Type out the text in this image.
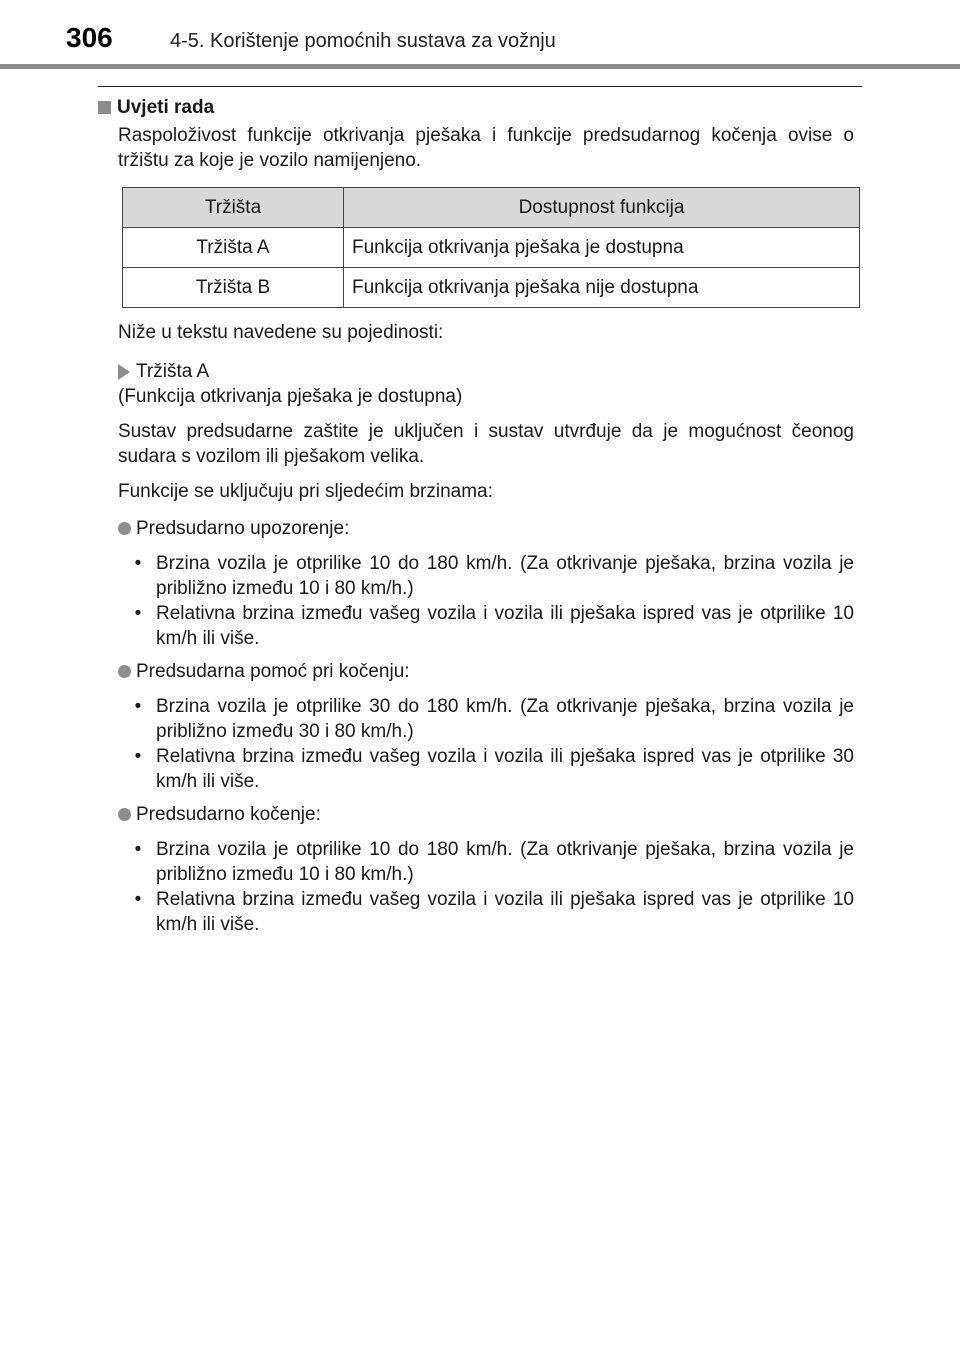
306	4-5. Korištenje pomoćnih sustava za vožnju
Uvjeti rada

Raspoloživost funkcije otkrivanja pješaka i funkcije predsudarnog kočenja ovise o tržištu za koje je vozilo namijenjeno.

Tržišta	Dostupnost funkcija
Tržišta A	Funkcija otkrivanja pješaka je dostupna
Tržišta B	Funkcija otkrivanja pješaka nije dostupna

Niže u tekstu navedene su pojedinosti:

Tržišta A
(Funkcija otkrivanja pješaka je dostupna)

Sustav predsudarne zaštite je uključen i sustav utvrđuje da je mogućnost čeonog sudara s vozilom ili pješakom velika.

Funkcije se uključuju pri sljedećim brzinama:

Predsudarno upozorenje:
• Brzina vozila je otprilike 10 do 180 km/h. (Za otkrivanje pješaka, brzina vozila je približno između 10 i 80 km/h.)
• Relativna brzina između vašeg vozila i vozila ili pješaka ispred vas je otprilike 10 km/h ili više.
Predsudarna pomoć pri kočenju:
• Brzina vozila je otprilike 30 do 180 km/h. (Za otkrivanje pješaka, brzina vozila je približno između 30 i 80 km/h.)
• Relativna brzina između vašeg vozila i vozila ili pješaka ispred vas je otprilike 30 km/h ili više.
Predsudarno kočenje:
• Brzina vozila je otprilike 10 do 180 km/h. (Za otkrivanje pješaka, brzina vozila je približno između 10 i 80 km/h.)
• Relativna brzina između vašeg vozila i vozila ili pješaka ispred vas je otprilike 10 km/h ili više.
